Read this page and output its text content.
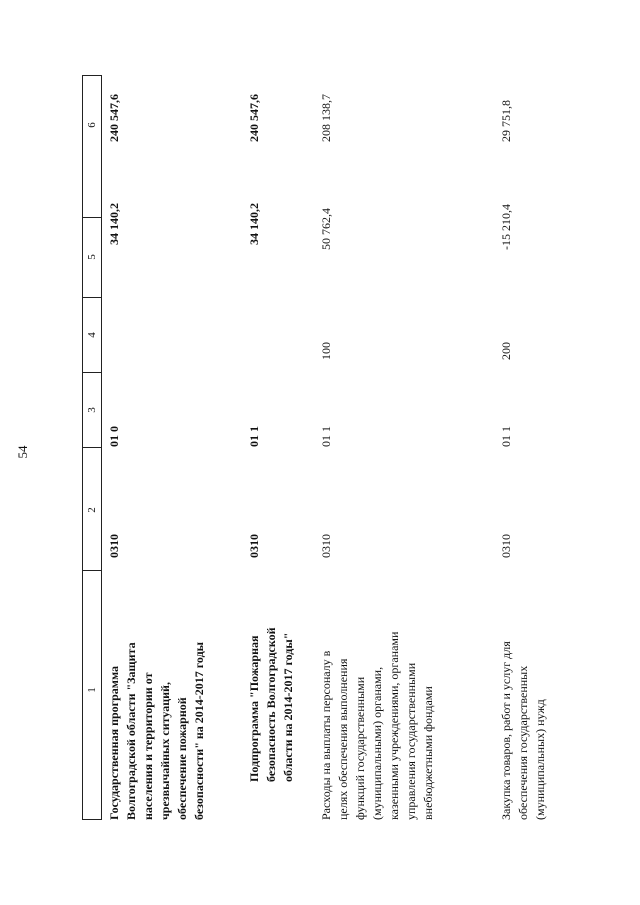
54
6
5
4
3
2
1 Государственная программа Волгоградской области "Защита населения и территории от чрезвычайных ситуаций, обеспечение пожарной безопасности" на 2014-2017 годы
0310
01 0
34 140,2
240 547,6
Подпрограмма "Пожарная безопасность Волгоградской области на 2014-2017 годы"
0310
01 1
34 140,2
240 547,6
Расходы на выплаты персоналу в целях обеспечения выполнения функций государственными (муниципальными) органами, казенными учреждениями, органами управления государственными внебюджетными фондами
0310
01 1
100
50 762,4
208 138,7
Закупка товаров, работ и услуг для обеспечения государственных (муниципальных) нужд
0310
01 1
200
-15 210,4
29 751,8
